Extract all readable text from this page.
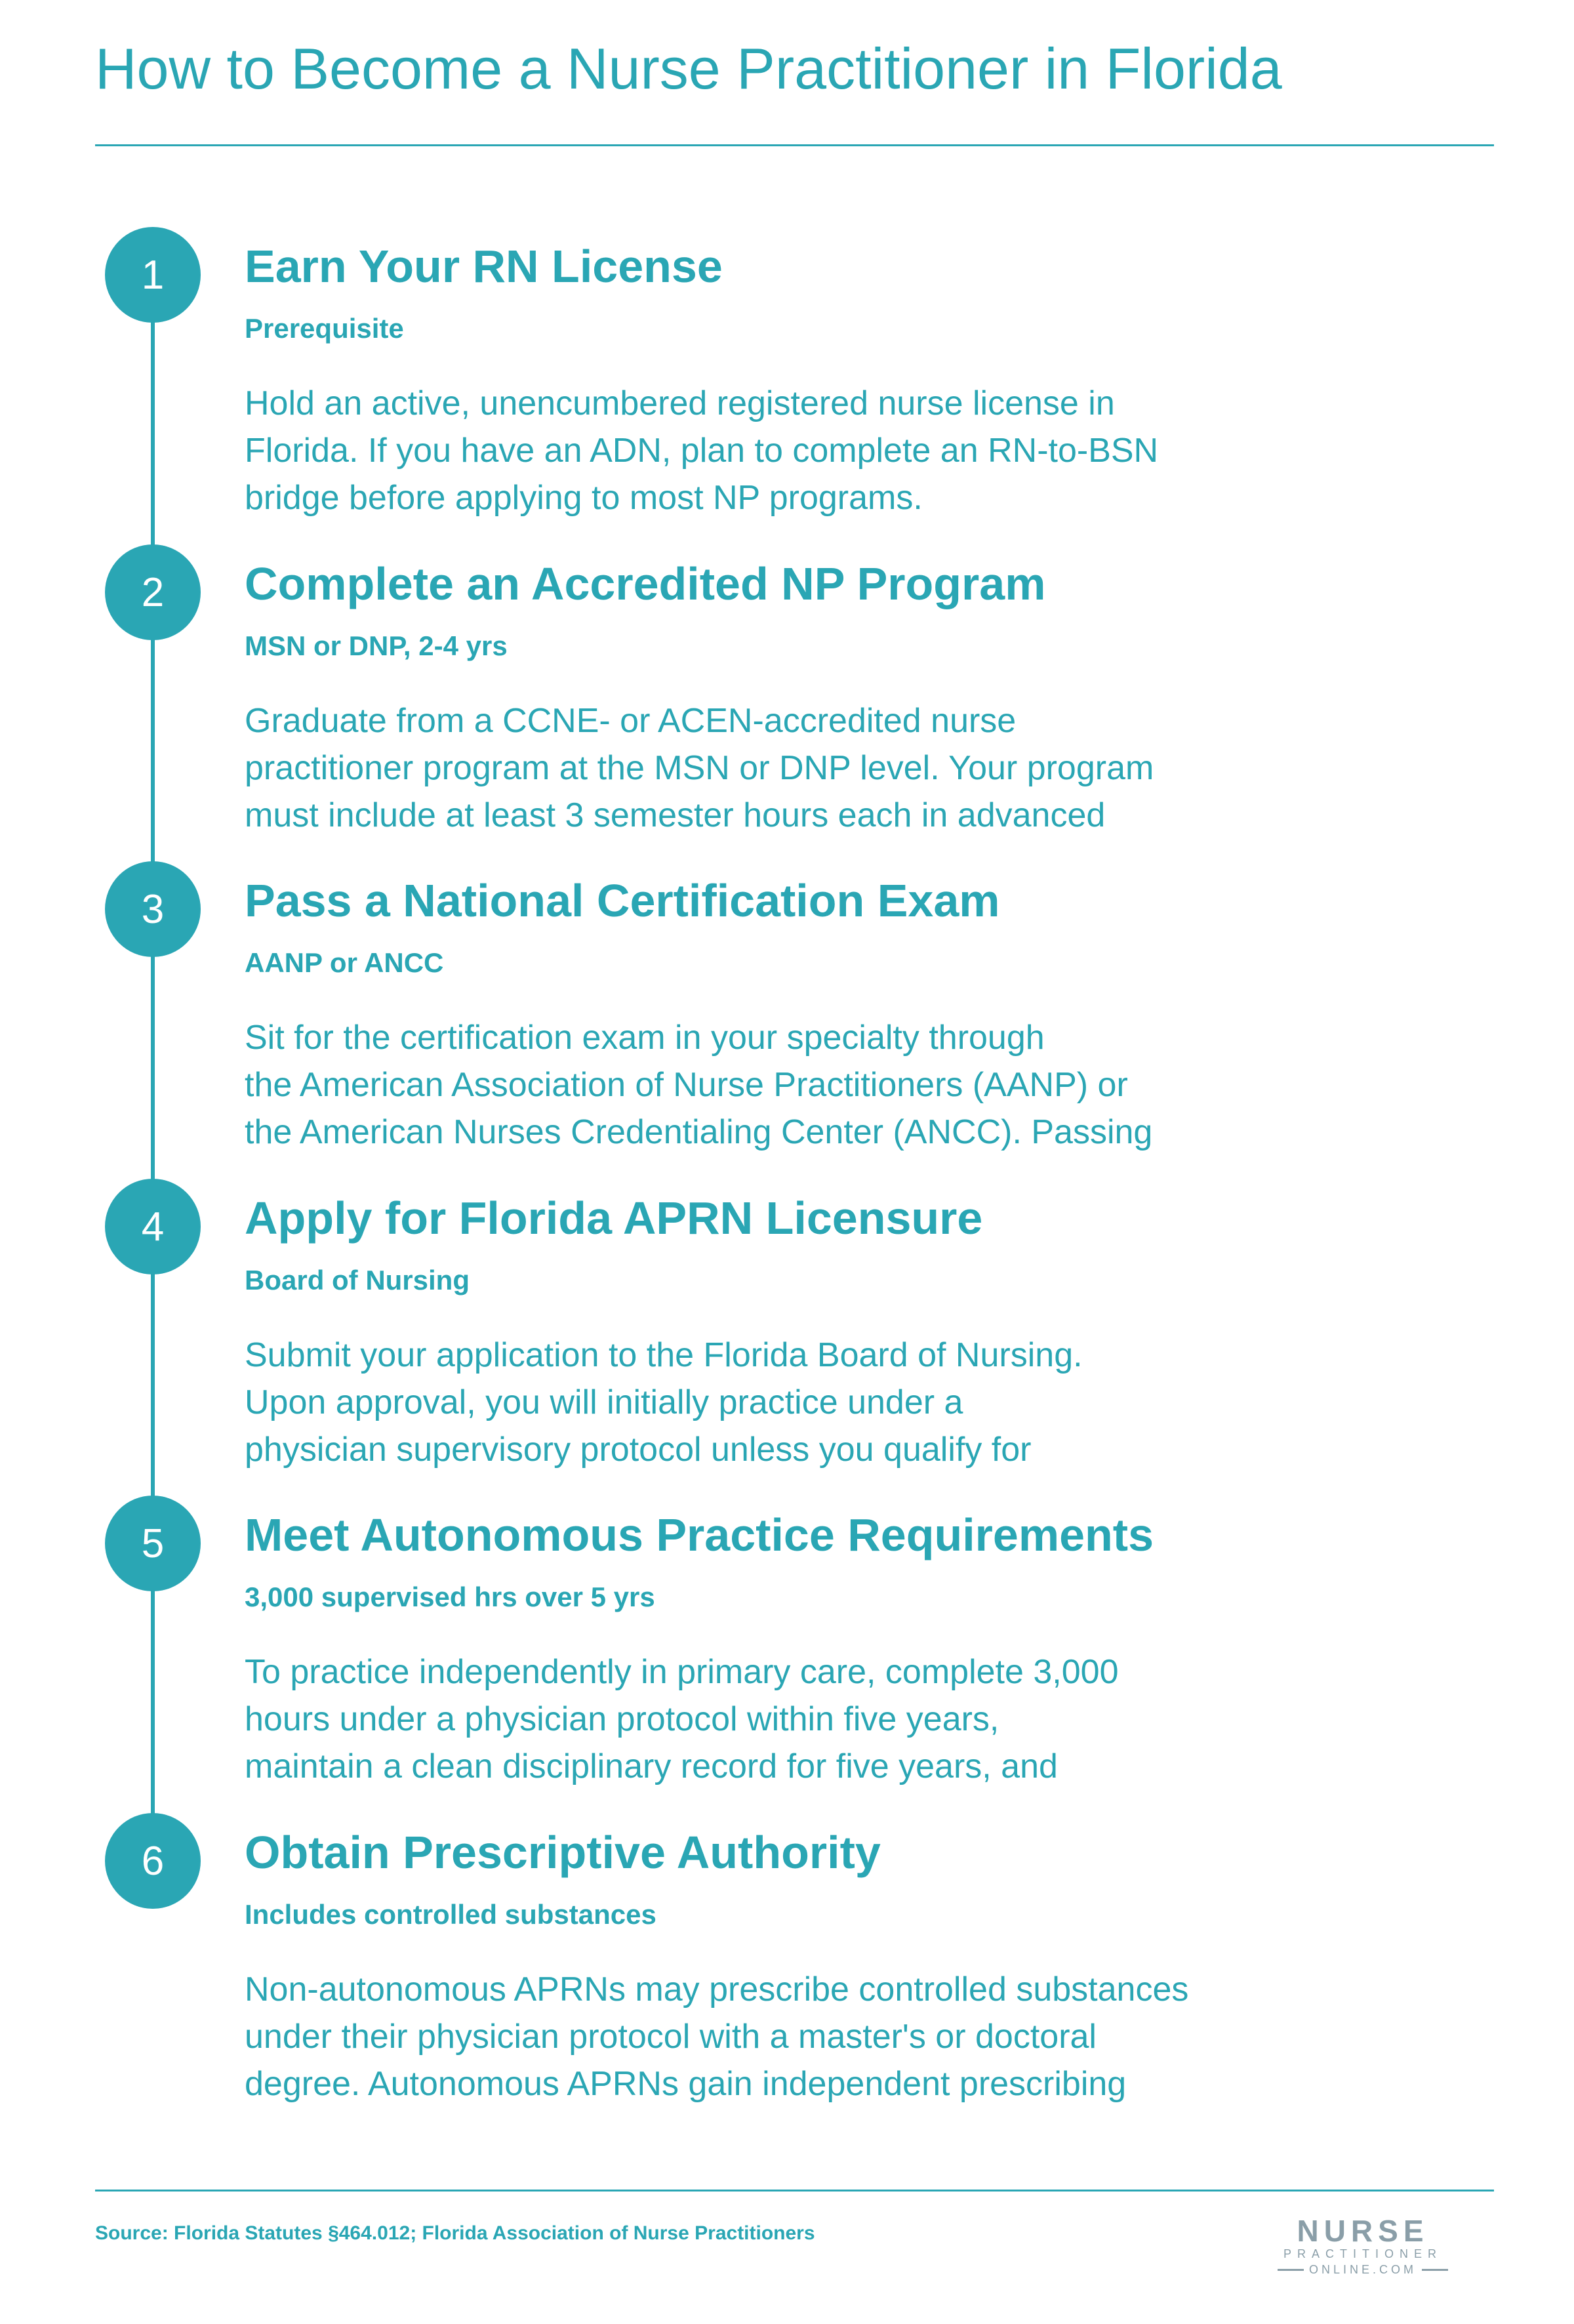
How to Become a Nurse Practitioner in Florida
1	Earn Your RN License
Prerequisite
Hold an active, unencumbered registered nurse license in
Florida. If you have an ADN, plan to complete an RN-to-BSN
bridge before applying to most NP programs.
2	Complete an Accredited NP Program
MSN or DNP, 2-4 yrs
Graduate from a CCNE- or ACEN-accredited nurse
practitioner program at the MSN or DNP level. Your program
must include at least 3 semester hours each in advanced
3	Pass a National Certification Exam
AANP or ANCC
Sit for the certification exam in your specialty through
the American Association of Nurse Practitioners (AANP) or
the American Nurses Credentialing Center (ANCC). Passing
4	Apply for Florida APRN Licensure
Board of Nursing
Submit your application to the Florida Board of Nursing.
Upon approval, you will initially practice under a
physician supervisory protocol unless you qualify for
5	Meet Autonomous Practice Requirements
3,000 supervised hrs over 5 yrs
To practice independently in primary care, complete 3,000
hours under a physician protocol within five years,
maintain a clean disciplinary record for five years, and
6	Obtain Prescriptive Authority
Includes controlled substances
Non-autonomous APRNs may prescribe controlled substances
under their physician protocol with a master's or doctoral
degree. Autonomous APRNs gain independent prescribing
Source: Florida Statutes §464.012; Florida Association of Nurse Practitioners	NURSE
PRACTITIONER
ONLINE.COM
